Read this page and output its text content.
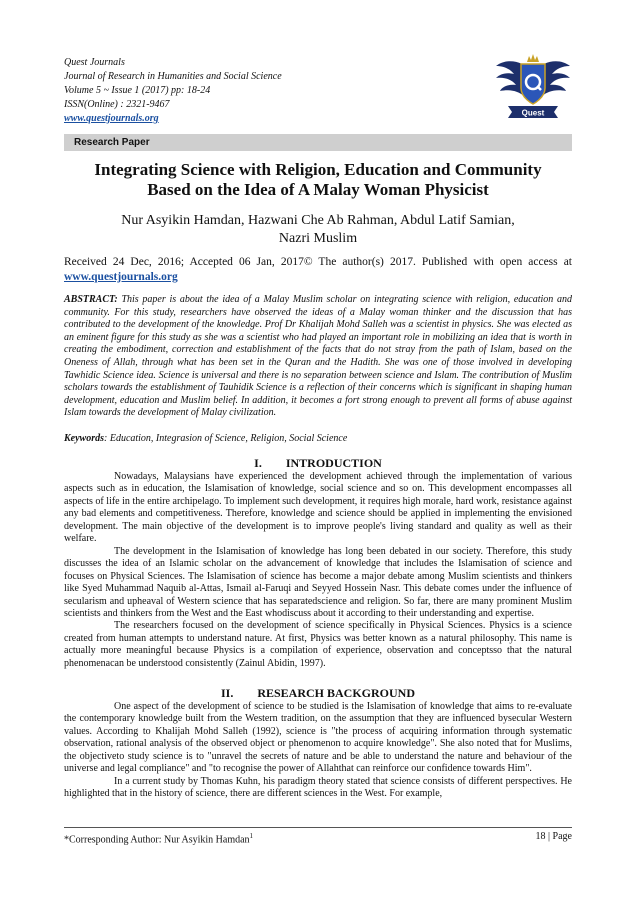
Quest Journals
Journal of Research in Humanities and Social Science
Volume 5 ~ Issue 1 (2017) pp: 18-24
ISSN(Online) : 2321-9467
www.questjournals.org	Quest
Research Paper
Integrating Science with Religion, Education and Community
Based on the Idea of A Malay Woman Physicist
Nur Asyikin Hamdan, Hazwani Che Ab Rahman, Abdul Latif Samian,
Nazri Muslim
Received 24 Dec, 2016; Accepted 06 Jan, 2017© The author(s) 2017. Published with open access at www.questjournals.org
ABSTRACT: This paper is about the idea of a Malay Muslim scholar on integrating science with religion, education and community. For this study, researchers have observed the ideas of a Malay woman thinker and the discussion that has contributed to the development of the knowledge. Prof Dr Khalijah Mohd Salleh was a scientist in physics. She was elected as an eminent figure for this study as she was a scientist who had played an important role in mobilizing an idea that is worth in creating the embodiment, correction and establishment of the facts that do not stray from the path of Islam, based on the Oneness of Allah, through what has been set in the Quran and the Hadith. She was one of those involved in developing Tawhidic Science idea. Science is universal and there is no separation between science and Islam. The contribution of Muslim scholars towards the establishment of Tauhidik Science is a reflection of their concerns which is significant in shaping human development, education and Muslim belief. In addition, it becomes a fort strong enough to prevent all forms of abuse against Islam towards the development of Malay civilization.
Keywords: Education, Integrasion of Science, Religion, Social Science
I. INTRODUCTION

Nowadays, Malaysians have experienced the development achieved through the implementation of various aspects such as in education, the Islamisation of knowledge, social science and so on. This development encompasses all aspects of life in the entire archipelago. To implement such development, it requires high morale, hard work, resistance against any bad elements and competitiveness. Therefore, knowledge and science should be applied in implementing the envisioned development. The main objective of the development is to improve people's living standard and quality as well as their welfare.

The development in the Islamisation of knowledge has long been debated in our society. Therefore, this study discusses the idea of an Islamic scholar on the advancement of knowledge that includes the Islamisation of science and focuses on Physical Sciences. The Islamisation of science has become a major debate among Muslim scientists and thinkers like Syed Muhammad Naquib al-Attas, Ismail al-Faruqi and Seyyed Hossein Nasr. This debate comes under the influence of secularism and upheaval of Western science that has separatedscience and religion. So far, there are many prominent Muslim scientists and thinkers from the West and the East whodiscuss about it according to their understanding and expertise.

The researchers focused on the development of science specifically in Physical Sciences. Physics is a science created from human attempts to understand nature. At first, Physics was better known as a natural philosophy. This name is actually more meaningful because Physics is a compilation of experience, observation and conceptsso that the natural phenomenacan be understood consistently (Zainul Abidin, 1997).

II. RESEARCH BACKGROUND

One aspect of the development of science to be studied is the Islamisation of knowledge that aims to re-evaluate the contemporary knowledge built from the Western tradition, on the assumption that they are influenced bysecular Western values. According to Khalijah Mohd Salleh (1992), science is "the process of acquiring information through systematic observation, rational analysis of the observed object or phenomenon to acquire knowledge". She also noted that for Muslims, the objectiveto study science is to "unravel the secrets of nature and be able to understand the nature and behaviour of the universe and legal compliance" and "to recognise the power of Allahthat can reinforce our confidence towards Him".

In a current study by Thomas Kuhn, his paradigm theory stated that science consists of different perspectives. He highlighted that in the history of science, there are different sciences in the West. For example,

*Corresponding Author: Nur Asyikin Hamdan$^1$	18 | Page
